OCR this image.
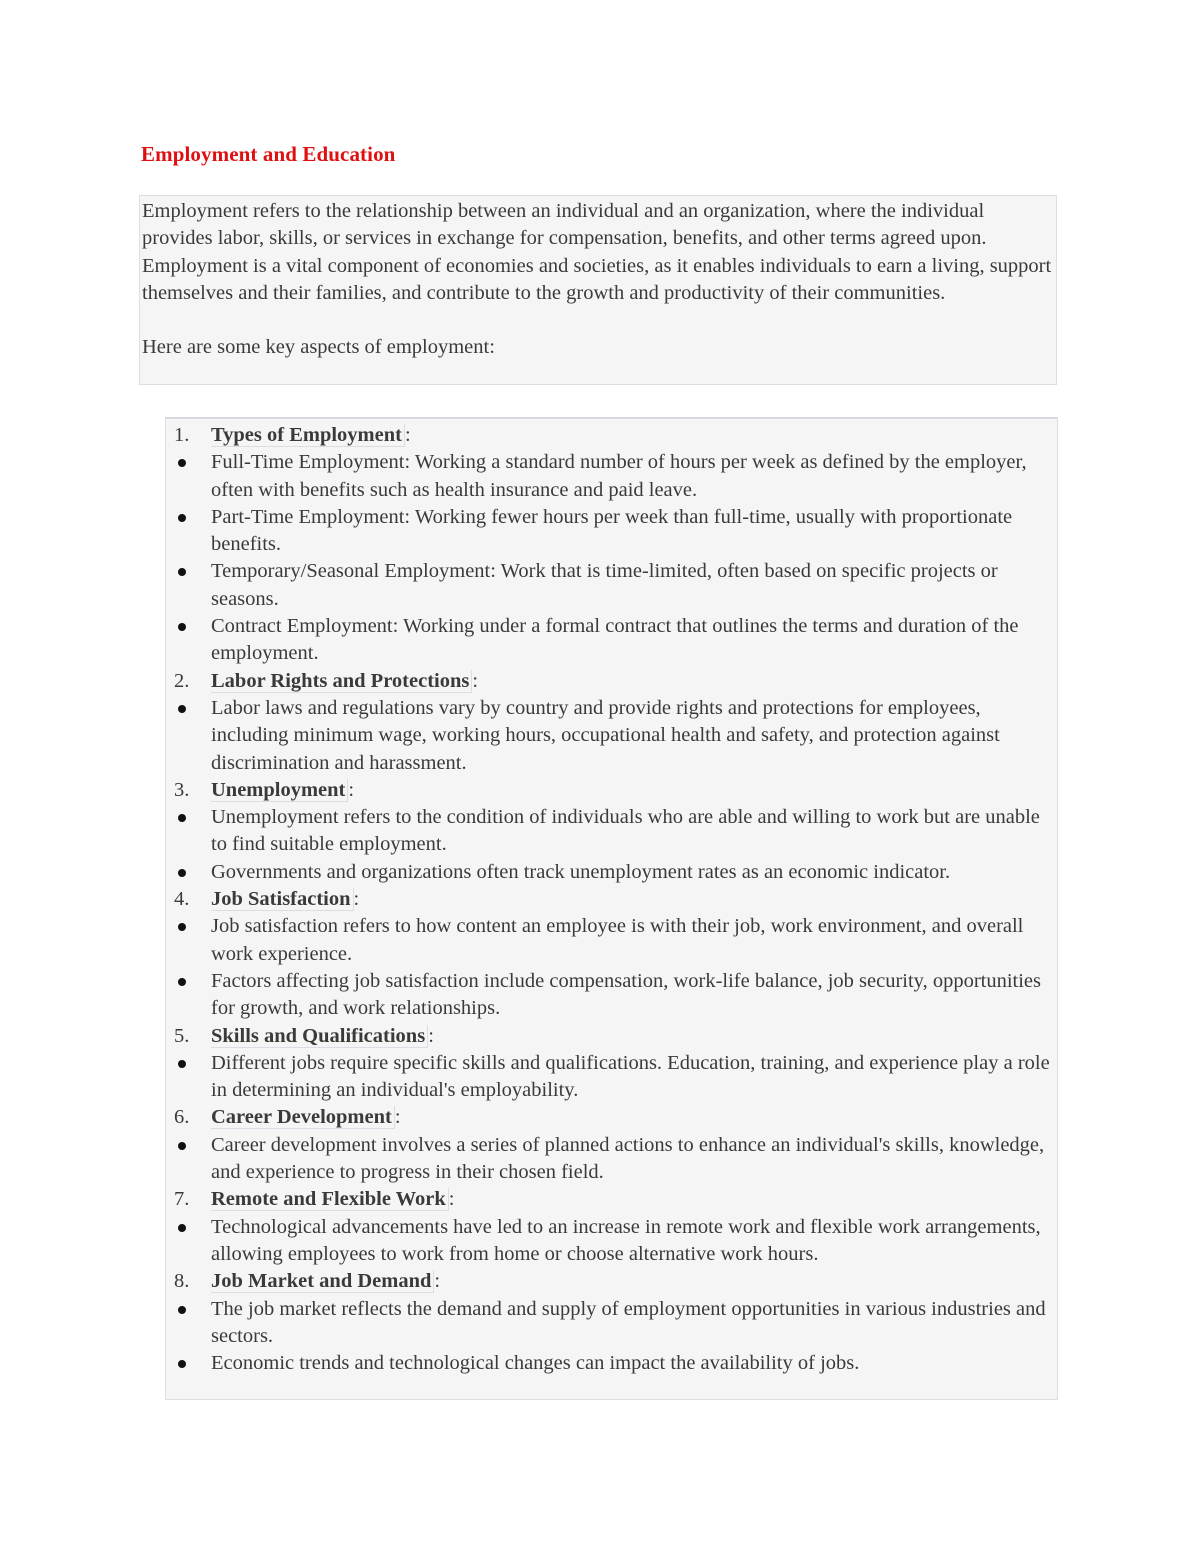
Employment and Education

Employment refers to the relationship between an individual and an organization, where the individual provides labor, skills, or services in exchange for compensation, benefits, and other terms agreed upon. Employment is a vital component of economies and societies, as it enables individuals to earn a living, support themselves and their families, and contribute to the growth and productivity of their communities.

Here are some key aspects of employment:

1.	Types of Employment :
Full-Time Employment: Working a standard number of hours per week as defined by the employer, often with benefits such as health insurance and paid leave.
Part-Time Employment: Working fewer hours per week than full-time, usually with proportionate benefits.
Temporary/Seasonal Employment: Work that is time-limited, often based on specific projects or seasons.
Contract Employment: Working under a formal contract that outlines the terms and duration of the employment.
2.	Labor Rights and Protections :
Labor laws and regulations vary by country and provide rights and protections for employees, including minimum wage, working hours, occupational health and safety, and protection against discrimination and harassment.
3.	Unemployment :
Unemployment refers to the condition of individuals who are able and willing to work but are unable to find suitable employment.
Governments and organizations often track unemployment rates as an economic indicator.
4.	Job Satisfaction :
Job satisfaction refers to how content an employee is with their job, work environment, and overall work experience.
Factors affecting job satisfaction include compensation, work-life balance, job security, opportunities for growth, and work relationships.
5.	Skills and Qualifications :
Different jobs require specific skills and qualifications. Education, training, and experience play a role in determining an individual's employability.
6.	Career Development :
Career development involves a series of planned actions to enhance an individual's skills, knowledge, and experience to progress in their chosen field.
7.	Remote and Flexible Work :
Technological advancements have led to an increase in remote work and flexible work arrangements, allowing employees to work from home or choose alternative work hours.
8.	Job Market and Demand :
The job market reflects the demand and supply of employment opportunities in various industries and sectors.
Economic trends and technological changes can impact the availability of jobs.
